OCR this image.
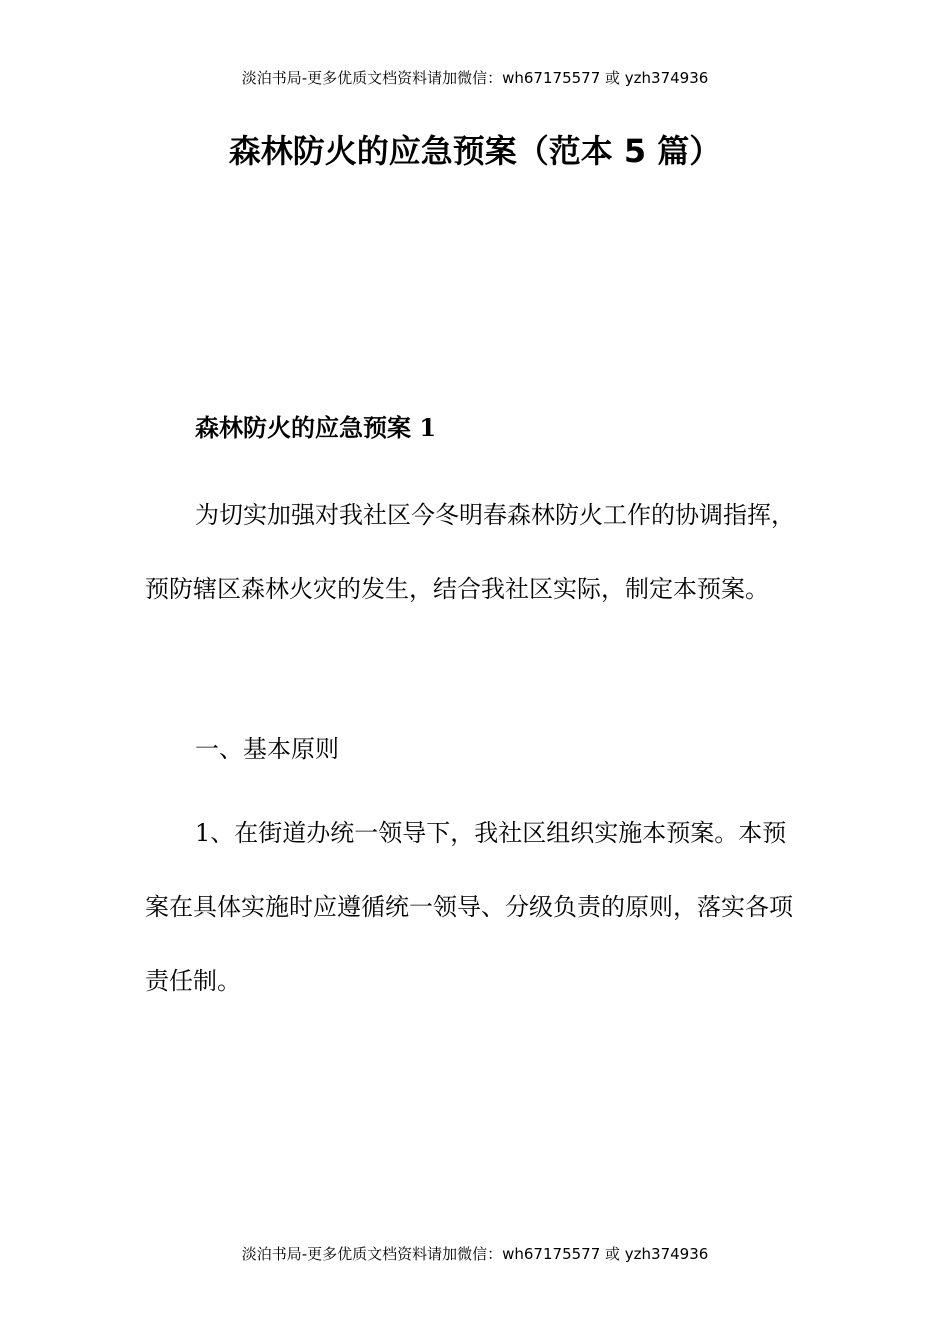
淡泊书局-更多优质文档资料请加微信：wh67175577 或 yzh374936
森林防火的应急预案（范本 5 篇）

森林防火的应急预案 1

为切实加强对我社区今冬明春森林防火工作的协调指挥，预防辖区森林火灾的发生，结合我社区实际，制定本预案。

一、基本原则

1、在街道办统一领导下，我社区组织实施本预案。本预案在具体实施时应遵循统一领导、分级负责的原则，落实各项责任制。

淡泊书局-更多优质文档资料请加微信：wh67175577 或 yzh374936
